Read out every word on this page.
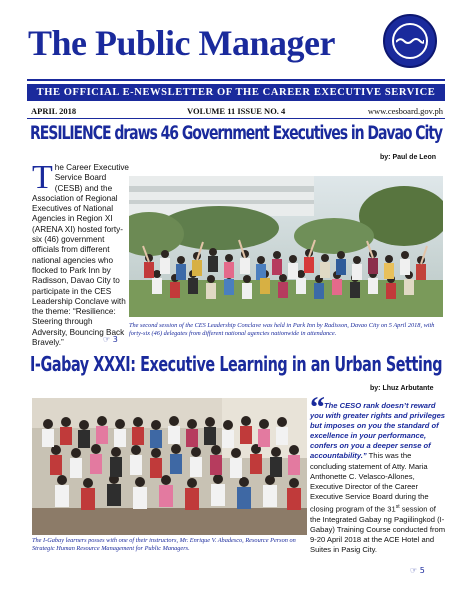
The Public Manager
THE OFFICIAL E-NEWSLETTER OF THE CAREER EXECUTIVE SERVICE
APRIL 2018	VOLUME 11 ISSUE NO. 4	www.cesboard.gov.ph
RESILIENCE draws 46 Government Executives in Davao City
by: Paul de Leon
T he Career Executive Service Board (CESB) and the Association of Regional Executives of National Agencies in Region XI (ARENA XI) hosted forty-six (46) government officials from different national agencies who flocked to Park Inn by Radisson, Davao City to participate in the CES Leadership Conclave with the theme: “Resilience: Steering through Adversity, Bouncing Back Bravely.”
The second session of the CES Leadership Conclave was held in Park Inn by Radisson, Davao City on 5 April 2018, with forty-six (46) delegates from different national agencies nationwide in attendance.
☞ 3
I-Gabay XXXI: Executive Learning in an Urban Setting
by: Lhuz Arbutante
The I-Gabay learners posses with one of their instructors, Mr. Enrique V. Abadesco, Resource Person on Strategic Human Resource Management for Public Managers.
“ The CESO rank doesn’t reward you with greater rights and privileges but imposes on you the standard of excellence in your performance, confers on you a deeper sense of accountability.” This was the concluding statement of Atty. Maria Anthonette C. Velasco-Allones, Executive Director of the Career Executive Service Board during the closing program of the 31st session of the Integrated Gabay ng Pagiilingkod (I-Gabay) Training Course conducted from 9-20 April 2018 at the ACE Hotel and Suites in Pasig City.
☞ 5
